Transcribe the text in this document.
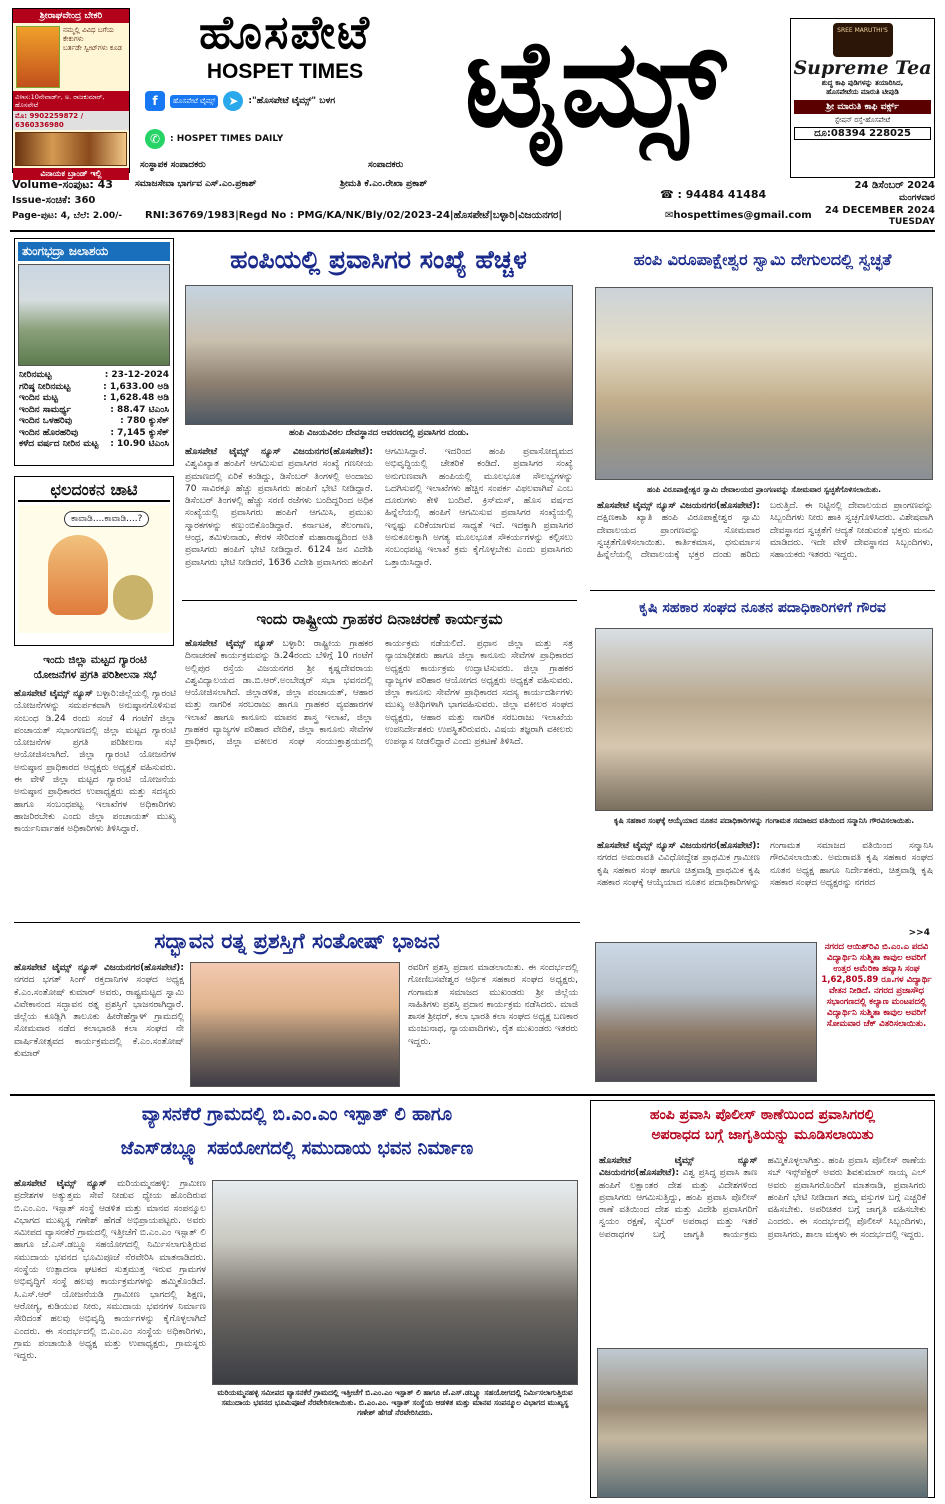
ಶ್ರೀರಾಘವೇಂದ್ರ ಬೇಕರಿ
ನಮ್ಮಲ್ಲಿ ವಿವಿಧ ಬಗೆಯ ಕೇಕುಗಳು
ಬರ್ತಡೇ ಸ್ವೀಟ್‌ಗಳು ಕೂಡ
ವಿಳಾಸ:10ನೇವಾರ್ಡ್, ಅ. ರಾಜಕುಮಾರ್, ಹೊಸಪೇಟೆ
ಮೊ: 9902259872 / 6360336980
ವಿನಾಯಕ ಬ್ರಾಂಡ್ ಇಲ್ಲಿ
ಹೊಸಪೇಟೆ
HOSPET TIMES ಟೈಮ್ಸ್
f	ಹೊಸಪೇಟೆ ಟೈಮ್ಸ್	➤	:"ಹೊಸಪೇಟೆ ಟೈಮ್ಸ್" ಬಳಗ
✆	: HOSPET TIMES DAILY
ಸಂಸ್ಥಾಪಕ ಸಂಪಾದಕರು
ಸಮಾಜಸೇವಾ ಭಾರ್ಗವ ಎಸ್.ಎಂ.ಪ್ರಕಾಶ್
ಸಂಪಾದಕರು
ಶ್ರೀಮತಿ ಕೆ.ಎಂ.ರೇಖಾ ಪ್ರಕಾಶ್
SREE MARUTHI'S
Supreme Tea
ಶುದ್ಧ ಕಾಫಿ ಪುಡಿಗಳನ್ನು ತಯಾರಿಸಿದ,
ಹೊಸಪೇಟೆಯ ಮಾರುತಿ ಟೀಪುಡಿ
ಶ್ರೀ ಮಾರುತಿ ಕಾಫಿ ವರ್ಕ್ಸ್
ಸ್ಟೇಷನ್ ರಸ್ತೆ-ಹೊಸಪೇಟೆ
ದೂ:08394 228025
24 ಡಿಸೆಂಬರ್ 2024
ಮಂಗಳವಾರ
24 DECEMBER 2024
TUESDAY
☎ : 94484 41484
Volume-ಸಂಪುಟ: 43
Issue-ಸಂಚಿಕೆ: 360
Page-ಪುಟ: 4, ಬೆಲೆ: 2.00/-	RNI:36769/1983|Regd No : PMG/KA/NK/Bly/02/2023-24|ಹೊಸಪೇಟೆ|ಬಳ್ಳಾರಿ|ವಿಜಯನಗರ|	✉hospettimes@gmail.com
ತುಂಗಭದ್ರಾ ಜಲಾಶಯ
ನೀರಿನಮಟ್ಟ	: 23-12-2024
ಗರಿಷ್ಠ ನೀರಿನಮಟ್ಟ	: 1,633.00 ಅಡಿ
ಇಂದಿನ ಮಟ್ಟ	: 1,628.48 ಅಡಿ
ಇಂದಿನ ಸಾಮರ್ಥ್ಯ	: 88.47 ಟಿಎಂಸಿ
ಇಂದಿನ ಒಳಹರಿವು	: 780 ಕ್ಯುಸೆಕ್
ಇಂದಿನ ಹೊರಹರಿವು	: 7,145 ಕ್ಯುಸೆಕ್
ಕಳೆದ ವರ್ಷದ ನೀರಿನ ಮಟ್ಟ : 10.90 ಟಿಎಂಸಿ
ಛಲದಂಕನ ಚಾಟಿ
ಕಾವಾಡಿ....ಕಾವಾಡಿ....?
ಇಂದು ಜಿಲ್ಲಾ ಮಟ್ಟದ ಗ್ಯಾರಂಟಿ
ಯೋಜನೆಗಳ ಪ್ರಗತಿ ಪರಿಶೀಲನಾ ಸಭೆ
ಹೊಸಪೇಟೆ ಟೈಮ್ಸ್ ನ್ಯೂಸ್ ಬಳ್ಳಾರಿ:ಜಿಲ್ಲೆಯಲ್ಲಿ ಗ್ಯಾರಂಟಿ ಯೋಜನೆಗಳನ್ನು ಸಮರ್ಪಕವಾಗಿ ಅನುಷ್ಠಾನಗೊಳಿಸುವ ಸಂಬಂಧ ಡಿ.24 ರಂದು ಸಂಜೆ 4 ಗಂಟೆಗೆ ಜಿಲ್ಲಾ ಪಂಚಾಯತ್ ಸಭಾಂಗಣದಲ್ಲಿ ಜಿಲ್ಲಾ ಮಟ್ಟದ ಗ್ಯಾರಂಟಿ ಯೋಜನೆಗಳ ಪ್ರಗತಿ ಪರಿಶೀಲನಾ ಸಭೆ ಆಯೋಜಿಸಲಾಗಿದೆ. ಜಿಲ್ಲಾ ಗ್ಯಾರಂಟಿ ಯೋಜನೆಗಳ ಅನುಷ್ಠಾನ ಪ್ರಾಧಿಕಾರದ ಅಧ್ಯಕ್ಷರು ಅಧ್ಯಕ್ಷತೆ ವಹಿಸುವರು. ಈ ವೇಳೆ ಜಿಲ್ಲಾ ಮಟ್ಟದ ಗ್ಯಾರಂಟಿ ಯೋಜನೆಯ ಅನುಷ್ಠಾನ ಪ್ರಾಧಿಕಾರದ ಉಪಾಧ್ಯಕ್ಷರು ಮತ್ತು ಸದಸ್ಯರು ಹಾಗೂ ಸಂಬಂಧಪಟ್ಟ ಇಲಾಖೆಗಳ ಅಧಿಕಾರಿಗಳು ಹಾಜರಿರಬೇಕು ಎಂದು ಜಿಲ್ಲಾ ಪಂಚಾಯತ್ ಮುಖ್ಯ ಕಾರ್ಯನಿರ್ವಾಹಕ ಅಧಿಕಾರಿಗಳು ತಿಳಿಸಿದ್ದಾರೆ.
ಹಂಪಿಯಲ್ಲಿ ಪ್ರವಾಸಿಗರ ಸಂಖ್ಯೆ ಹೆಚ್ಚಳ
ಹಂಪಿ ವಿಜಯವಿಠಲ ದೇವಸ್ಥಾನದ ಆವರಣದಲ್ಲಿ ಪ್ರವಾಸಿಗರ ದಂಡು.
ಹೊಸಪೇಟೆ ಟೈಮ್ಸ್ ನ್ಯೂಸ್ ವಿಜಯನಗರ(ಹೊಸಪೇಟೆ): ವಿಶ್ವವಿಖ್ಯಾತ ಹಂಪಿಗೆ ಆಗಮಿಸುವ ಪ್ರವಾಸಿಗರ ಸಂಖ್ಯೆ ಗಣನೀಯ ಪ್ರಮಾಣದಲ್ಲಿ ಏರಿಕೆ ಕಂಡಿದ್ದು, ಡಿಸೆಂಬರ್ ತಿಂಗಳಲ್ಲಿ ಅಂದಾಜು 70 ಸಾವಿರಕ್ಕೂ ಹೆಚ್ಚು ಪ್ರವಾಸಿಗರು ಹಂಪಿಗೆ ಭೇಟಿ ನೀಡಿದ್ದಾರೆ. ಡಿಸೆಂಬರ್ ತಿಂಗಳಲ್ಲಿ ಹೆಚ್ಚು ಸರಣಿ ರಜೆಗಳು ಬಂದಿದ್ದರಿಂದ ಅಧಿಕ ಸಂಖ್ಯೆಯಲ್ಲಿ ಪ್ರವಾಸಿಗರು ಹಂಪಿಗೆ ಆಗಮಿಸಿ, ಪ್ರಮುಖ ಸ್ಮಾರಕಗಳನ್ನು ಕಣ್ತುಂಬಿಕೊಂಡಿದ್ದಾರೆ. ಕರ್ನಾಟಕ, ತೆಲಂಗಾಣ, ಆಂಧ್ರ, ತಮಿಳುನಾಡು, ಕೇರಳ ಸೇರಿದಂತೆ ಮಹಾರಾಷ್ಟ್ರದಿಂದ ಅತಿ ಪ್ರವಾಸಿಗರು ಹಂಪಿಗೆ ಭೇಟಿ ನೀಡಿದ್ದಾರೆ. 6124 ಜನ ವಿದೇಶಿ ಪ್ರವಾಸಿಗರು ಭೇಟಿ ನೀಡಿದರೆ, 1636 ವಿದೇಶಿ ಪ್ರವಾಸಿಗರು ಹಂಪಿಗೆ ಆಗಮಿಸಿದ್ದಾರೆ. ಇದರಿಂದ ಹಂಪಿ ಪ್ರವಾಸೋದ್ಯಮದ ಅಭಿವೃದ್ಧಿಯಲ್ಲಿ ಚೇತರಿಕೆ ಕಂಡಿದೆ. ಪ್ರವಾಸಿಗರ ಸಂಖ್ಯೆ ಅನುಗುಣವಾಗಿ ಹಂಪಿಯಲ್ಲಿ ಮೂಲಭೂತ ಸೌಲಭ್ಯಗಳನ್ನು ಒದಗಿಸುವಲ್ಲಿ ಇಲಾಖೆಗಳು ಹೆಚ್ಚಿನ ಸಂಪರ್ಕ ವಿಫಲವಾಗಿವೆ ಎಂಬ ದೂರುಗಳು ಕೇಳಿ ಬಂದಿವೆ. ಕ್ರಿಸ್‌ಮಸ್, ಹೊಸ ವರ್ಷದ ಹಿನ್ನೆಲೆಯಲ್ಲಿ ಹಂಪಿಗೆ ಆಗಮಿಸುವ ಪ್ರವಾಸಿಗರ ಸಂಖ್ಯೆಯಲ್ಲಿ ಇನ್ನಷ್ಟು ಏರಿಕೆಯಾಗುವ ಸಾಧ್ಯತೆ ಇದೆ. ಇದಕ್ಕಾಗಿ ಪ್ರವಾಸಿಗರ ಅನುಕೂಲಕ್ಕಾಗಿ ಅಗತ್ಯ ಮೂಲಭೂತ ಸೌಕರ್ಯಗಳನ್ನು ಕಲ್ಪಿಸಲು ಸಂಬಂಧಪಟ್ಟ ಇಲಾಖೆ ಕ್ರಮ ಕೈಗೊಳ್ಳಬೇಕು ಎಂದು ಪ್ರವಾಸಿಗರು ಒತ್ತಾಯಿಸಿದ್ದಾರೆ.
ಇಂದು ರಾಷ್ಟ್ರೀಯ ಗ್ರಾಹಕರ ದಿನಾಚರಣೆ ಕಾರ್ಯಕ್ರಮ
ಹೊಸಪೇಟೆ ಟೈಮ್ಸ್ ನ್ಯೂಸ್ ಬಳ್ಳಾರಿ: ರಾಷ್ಟ್ರೀಯ ಗ್ರಾಹಕರ ದಿನಾಚರಣೆ ಕಾರ್ಯಕ್ರಮವನ್ನು ಡಿ.24ರಂದು ಬೆಳಿಗ್ಗೆ 10 ಗಂಟೆಗೆ ಅಲ್ಲಿಪುರ ರಸ್ತೆಯ ವಿಜಯನಗರ ಶ್ರೀ ಕೃಷ್ಣದೇವರಾಯ ವಿಶ್ವವಿದ್ಯಾಲಯದ ಡಾ.ಬಿ.ಆರ್.ಅಂಬೇಡ್ಕರ್ ಸಭಾ ಭವನದಲ್ಲಿ ಆಯೋಜಿಸಲಾಗಿದೆ. ಜಿಲ್ಲಾಡಳಿತ, ಜಿಲ್ಲಾ ಪಂಚಾಯತ್, ಆಹಾರ ಮತ್ತು ನಾಗರಿಕ ಸರಬರಾಜು ಹಾಗೂ ಗ್ರಾಹಕರ ವ್ಯವಹಾರಗಳ ಇಲಾಖೆ ಹಾಗೂ ಕಾನೂನು ಮಾಪನ ಶಾಸ್ತ್ರ ಇಲಾಖೆ, ಜಿಲ್ಲಾ ಗ್ರಾಹಕರ ವ್ಯಾಜ್ಯಗಳ ಪರಿಹಾರ ವೇದಿಕೆ, ಜಿಲ್ಲಾ ಕಾನೂನು ಸೇವೆಗಳ ಪ್ರಾಧಿಕಾರ, ಜಿಲ್ಲಾ ವಕೀಲರ ಸಂಘ ಸಂಯುಕ್ತಾಶ್ರಯದಲ್ಲಿ ಕಾರ್ಯಕ್ರಮ ನಡೆಯಲಿದೆ. ಪ್ರಧಾನ ಜಿಲ್ಲಾ ಮತ್ತು ಸತ್ರ ನ್ಯಾಯಾಧೀಶರು ಹಾಗೂ ಜಿಲ್ಲಾ ಕಾನೂನು ಸೇವೆಗಳ ಪ್ರಾಧಿಕಾರದ ಅಧ್ಯಕ್ಷರು ಕಾರ್ಯಕ್ರಮ ಉದ್ಘಾಟಿಸುವರು. ಜಿಲ್ಲಾ ಗ್ರಾಹಕರ ವ್ಯಾಜ್ಯಗಳ ಪರಿಹಾರ ಆಯೋಗದ ಅಧ್ಯಕ್ಷರು ಅಧ್ಯಕ್ಷತೆ ವಹಿಸುವರು. ಜಿಲ್ಲಾ ಕಾನೂನು ಸೇವೆಗಳ ಪ್ರಾಧಿಕಾರದ ಸದಸ್ಯ ಕಾರ್ಯದರ್ಶಿಗಳು ಮುಖ್ಯ ಅತಿಥಿಗಳಾಗಿ ಭಾಗವಹಿಸುವರು. ಜಿಲ್ಲಾ ವಕೀಲರ ಸಂಘದ ಅಧ್ಯಕ್ಷರು, ಆಹಾರ ಮತ್ತು ನಾಗರಿಕ ಸರಬರಾಜು ಇಲಾಖೆಯ ಉಪನಿರ್ದೇಶಕರು ಉಪಸ್ಥಿತರಿರುವರು. ವಿಷಯ ತಜ್ಞರಾಗಿ ವಕೀಲರು ಉಪನ್ಯಾಸ ನೀಡಲಿದ್ದಾರೆ ಎಂದು ಪ್ರಕಟಣೆ ತಿಳಿಸಿದೆ.
ಹಂಪಿ ವಿರೂಪಾಕ್ಷೇಶ್ವರ ಸ್ವಾಮಿ ದೇಗುಲದಲ್ಲಿ ಸ್ವಚ್ಛತೆ
ಹಂಪಿ ವಿರೂಪಾಕ್ಷೇಶ್ವರ ಸ್ವಾಮಿ ದೇವಾಲಯದ ಪ್ರಾಂಗಣವನ್ನು ಸೋಮವಾರ ಸ್ವಚ್ಛತೆಗೊಳಿಸಲಾಯಿತು.
ಹೊಸಪೇಟೆ ಟೈಮ್ಸ್ ನ್ಯೂಸ್ ವಿಜಯನಗರ(ಹೊಸಪೇಟೆ): ದಕ್ಷಿಣಕಾಶಿ ಖ್ಯಾತಿ ಹಂಪಿ ವಿರೂಪಾಕ್ಷೇಶ್ವರ ಸ್ವಾಮಿ ದೇವಾಲಯದ ಪ್ರಾಂಗಣವನ್ನು ಸೋಮವಾರ ಸ್ವಚ್ಛತೆಗೊಳಿಸಲಾಯಿತು. ಕಾರ್ತಿಕಮಾಸ, ಧನುರ್ಮಾಸ ಹಿನ್ನೆಲೆಯಲ್ಲಿ ದೇವಾಲಯಕ್ಕೆ ಭಕ್ತರ ದಂಡು ಹರಿದು ಬರುತ್ತಿದೆ. ಈ ನಿಟ್ಟಿನಲ್ಲಿ ದೇವಾಲಯದ ಪ್ರಾಂಗಣವನ್ನು ಸಿಬ್ಬಂದಿಗಳು ನೀರು ಹಾಕಿ ಸ್ವಚ್ಛಗೊಳಿಸಿದರು. ವಿಶೇಷವಾಗಿ ದೇವಸ್ಥಾನದ ಸ್ವಚ್ಛತೆಗೆ ಆದ್ಯತೆ ನೀಡುವಂತೆ ಭಕ್ತರು ಮನವಿ ಮಾಡಿದರು. ಇದೇ ವೇಳೆ ದೇವಸ್ಥಾನದ ಸಿಬ್ಬಂದಿಗಳು, ಸಹಾಯಕರು ಇತರರು ಇದ್ದರು.
ಕೃಷಿ ಸಹಕಾರ ಸಂಘದ ನೂತನ ಪದಾಧಿಕಾರಿಗಳಿಗೆ ಗೌರವ
ಕೃಷಿ ಸಹಕಾರ ಸಂಘಕ್ಕೆ ಆಯ್ಕೆಯಾದ ನೂತನ ಪದಾಧಿಕಾರಿಗಳನ್ನು ಗಂಗಾಮತ ಸಮಾಜದ ವತಿಯಿಂದ ಸನ್ಮಾನಿಸಿ ಗೌರವಿಸಲಾಯಿತು.
ಹೊಸಪೇಟೆ ಟೈಮ್ಸ್ ನ್ಯೂಸ್ ವಿಜಯನಗರ(ಹೊಸಪೇಟೆ): ನಗರದ ಅಮರಾವತಿ ವಿವಿಧೋದ್ದೇಶ ಪ್ರಾಥಮಿಕ ಗ್ರಾಮೀಣ ಕೃಷಿ ಸಹಕಾರ ಸಂಘ ಹಾಗೂ ಚಿತ್ತವಾಡ್ಗಿ ಪ್ರಾಥಮಿಕ ಕೃಷಿ ಸಹಕಾರ ಸಂಘಕ್ಕೆ ಆಯ್ಕೆಯಾದ ನೂತನ ಪದಾಧಿಕಾರಿಗಳನ್ನು ಗಂಗಾಮತ ಸಮಾಜದ ವತಿಯಿಂದ ಸನ್ಮಾನಿಸಿ ಗೌರವಿಸಲಾಯಿತು. ಅಮರಾವತಿ ಕೃಷಿ ಸಹಕಾರ ಸಂಘದ ನೂತನ ಅಧ್ಯಕ್ಷ ಹಾಗೂ ನಿರ್ದೇಶಕರು, ಚಿತ್ತವಾಡ್ಗಿ ಕೃಷಿ ಸಹಕಾರ ಸಂಘದ ಅಧ್ಯಕ್ಷರನ್ನು ನಗರದ
>>4
ಸದ್ಭಾವನ ರತ್ನ ಪ್ರಶಸ್ತಿಗೆ ಸಂತೋಷ್ ಭಾಜನ
ಹೊಸಪೇಟೆ ಟೈಮ್ಸ್ ನ್ಯೂಸ್ ವಿಜಯನಗರ(ಹೊಸಪೇಟೆ): ನಗರದ ಭಗತ್ ಸಿಂಗ್ ರಕ್ತದಾನಿಗಳ ಸಂಘದ ಅಧ್ಯಕ್ಷ ಕೆ.ಎಂ.ಸಂತೋಷ್ ಕುಮಾರ್ ಅವರು, ರಾಷ್ಟ್ರಮಟ್ಟದ ಸ್ವಾಮಿ ವಿವೇಕಾನಂದ ಸದ್ಭಾವನ ರತ್ನ ಪ್ರಶಸ್ತಿಗೆ ಭಾಜನರಾಗಿದ್ದಾರೆ. ಜಿಲ್ಲೆಯ ಕೂಡ್ಲಿಗಿ ತಾಲೂಕು ಹೀರೇಹೆಗ್ಡಾಳ್ ಗ್ರಾಮದಲ್ಲಿ ಸೋಮವಾರ ನಡೆದ ಕಲಾಭಾರತಿ ಕಲಾ ಸಂಘದ ನೇ ವಾರ್ಷಿಕೋತ್ಸವದ ಕಾರ್ಯಕ್ರಮದಲ್ಲಿ ಕೆ.ಎಂ.ಸಂತೋಷ್ ಕುಮಾರ್
ರವರಿಗೆ ಪ್ರಶಸ್ತಿ ಪ್ರದಾನ ಮಾಡಲಾಯಿತು. ಈ ಸಂದರ್ಭದಲ್ಲಿ ಗೋಣಿಬಸವೇಶ್ವರ ಆರ್ಥಿಕ ಸಹಕಾರ ಸಂಘದ ಅಧ್ಯಕ್ಷರು, ಗಂಗಾಮತ ಸಮಾಜದ ಮುಖಂಡರು ಶ್ರೀ ಜಿಲ್ಲೆಯ ಸಾಹಿತಿಗಳು ಪ್ರಶಸ್ತಿ ಪ್ರದಾನ ಕಾರ್ಯಕ್ರಮ ನಡೆಸಿದರು. ಮಾಜಿ ಶಾಸಕ ಶ್ರೀಧರ್, ಕಲಾ ಭಾರತಿ ಕಲಾ ಸಂಘದ ಅಧ್ಯಕ್ಷ ಬಣಕಾರ ಮಂಜುನಾಥ, ನ್ಯಾಯವಾದಿಗಳು, ರೈತ ಮುಖಂಡರು ಇತರರು ಇದ್ದರು.
ನಗರದ ಆಯಿಶ್‌ರಿವಿ ಬಿ.ಎಂ.ಎ ಪದವಿ ವಿದ್ಯಾರ್ಥಿನಿ ಸುಶ್ಮಿತಾ ಕಾವುಲ ಅವರಿಗೆ ಉತ್ತರ ಅಮೆರಿಕಾ ಹವ್ಯಾಸಿ ಸಂಘ 1,62,805.89 ರೂ.ಗಳ ವಿದ್ಯಾರ್ಥಿ ವೇತನ ನೀಡಿದೆ. ನಗರದ ಪ್ರಜಾಸೌಧ ಸಭಾಂಗಣದಲ್ಲಿ ಕಲ್ಯಾಣ ಮಂಟಪದಲ್ಲಿ ವಿದ್ಯಾರ್ಥಿನಿ ಸುಶ್ಮಿತಾ ಕಾವುಲ ಅವರಿಗೆ ಸೋಮವಾರ ಚೆಕ್ ವಿತರಿಸಲಾಯಿತು.
ವ್ಯಾಸನಕೆರೆ ಗ್ರಾಮದಲ್ಲಿ ಬಿ.ಎಂ.ಎಂ ಇಸ್ಪಾತ್ ಲಿ ಹಾಗೂ
ಜೆಎಸ್‌ಡಬ್ಲ್ಯೂ ಸಹಯೋಗದಲ್ಲಿ ಸಮುದಾಯ ಭವನ ನಿರ್ಮಾಣ
ಹೊಸಪೇಟೆ ಟೈಮ್ಸ್ ನ್ಯೂಸ್ ಮರಿಯಮ್ಮನಹಳ್ಳಿ: ಗ್ರಾಮೀಣ ಪ್ರದೇಶಗಳ ಅತ್ಯುತ್ತಮ ಸೇವೆ ನೀಡುವ ಧ್ಯೇಯ ಹೊಂದಿರುವ ಬಿ.ಎಂ.ಎಂ. ಇಸ್ಪಾತ್ ಸಂಸ್ಥೆ ಆಡಳಿತ ಮತ್ತು ಮಾನವ ಸಂಪನ್ಮೂಲ ವಿಭಾಗದ ಮುಖ್ಯಸ್ಥ ಗಣೇಶ್ ಹೆಗಡೆ ಅಭಿಪ್ರಾಯಪಟ್ಟರು. ಅವರು ಸಮೀಪದ ವ್ಯಾಸನಕೆರೆ ಗ್ರಾಮದಲ್ಲಿ ಇತ್ತೀಚೆಗೆ ಬಿ.ಎಂ.ಎಂ ಇಸ್ಪಾತ್ ಲಿ ಹಾಗೂ ಜೆ.ಎಸ್.ಡಬ್ಲ್ಯೂ ಸಹಯೋಗದಲ್ಲಿ ನಿರ್ಮಿಸಲಾಗುತ್ತಿರುವ ಸಮುದಾಯ ಭವನದ ಭೂಮಿಪೂಜೆ ನೆರವೇರಿಸಿ ಮಾತನಾಡಿದರು. ಸಂಸ್ಥೆಯ ಉತ್ಪಾದನಾ ಘಟಕದ ಸುತ್ತಮುತ್ತ ಇರುವ ಗ್ರಾಮಗಳ ಅಭಿವೃದ್ಧಿಗೆ ಸಂಸ್ಥೆ ಹಲವು ಕಾರ್ಯಕ್ರಮಗಳನ್ನು ಹಮ್ಮಿಕೊಂಡಿದೆ. ಸಿ.ಎಸ್.ಆರ್ ಯೋಜನೆಯಡಿ ಗ್ರಾಮೀಣ ಭಾಗದಲ್ಲಿ ಶಿಕ್ಷಣ, ಆರೋಗ್ಯ, ಕುಡಿಯುವ ನೀರು, ಸಮುದಾಯ ಭವನಗಳ ನಿರ್ಮಾಣ ಸೇರಿದಂತೆ ಹಲವು ಅಭಿವೃದ್ಧಿ ಕಾರ್ಯಗಳನ್ನು ಕೈಗೊಳ್ಳಲಾಗಿದೆ ಎಂದರು. ಈ ಸಂದರ್ಭದಲ್ಲಿ ಬಿ.ಎಂ.ಎಂ ಸಂಸ್ಥೆಯ ಅಧಿಕಾರಿಗಳು, ಗ್ರಾಮ ಪಂಚಾಯಿತಿ ಅಧ್ಯಕ್ಷ ಮತ್ತು ಉಪಾಧ್ಯಕ್ಷರು, ಗ್ರಾಮಸ್ಥರು ಇದ್ದರು.
ಮರಿಯಮ್ಮನಹಳ್ಳಿ ಸಮೀಪದ ವ್ಯಾಸನಕೆರೆ ಗ್ರಾಮದಲ್ಲಿ ಇತ್ತೀಚೆಗೆ ಬಿ.ಎಂ.ಎಂ ಇಸ್ಪಾತ್ ಲಿ ಹಾಗೂ ಜೆ.ಎಸ್.ಡಬ್ಲ್ಯೂ ಸಹಯೋಗದಲ್ಲಿ ನಿರ್ಮಿಸಲಾಗುತ್ತಿರುವ ಸಮುದಾಯ ಭವನದ ಭೂಮಿಪೂಜೆ ನೆರವೇರಿಸಲಾಯಿತು. ಬಿ.ಎಂ.ಎಂ. ಇಸ್ಪಾತ್ ಸಂಸ್ಥೆಯ ಆಡಳಿತ ಮತ್ತು ಮಾನವ ಸಂಪನ್ಮೂಲ ವಿಭಾಗದ ಮುಖ್ಯಸ್ಥ ಗಣೇಶ್ ಹೆಗಡೆ ನೆರವೇರಿಸಿದರು.
ಹಂಪಿ ಪ್ರವಾಸಿ ಪೊಲೀಸ್ ಠಾಣೆಯಿಂದ ಪ್ರವಾಸಿಗರಲ್ಲಿ
ಅಪರಾಧದ ಬಗ್ಗೆ ಜಾಗೃತಿಯನ್ನು ಮೂಡಿಸಲಾಯಿತು
ಹೊಸಪೇಟೆ ಟೈಮ್ಸ್ ನ್ಯೂಸ್ ವಿಜಯನಗರ(ಹೊಸಪೇಟೆ): ವಿಶ್ವ ಪ್ರಸಿದ್ಧ ಪ್ರವಾಸಿ ತಾಣ ಹಂಪಿಗೆ ಲಕ್ಷಾಂತರ ದೇಶ ಮತ್ತು ವಿದೇಶಗಳಿಂದ ಪ್ರವಾಸಿಗರು ಆಗಮಿಸುತ್ತಿದ್ದು, ಹಂಪಿ ಪ್ರವಾಸಿ ಪೊಲೀಸ್ ಠಾಣೆ ವತಿಯಿಂದ ದೇಶ ಮತ್ತು ವಿದೇಶಿ ಪ್ರವಾಸಿಗರಿಗೆ ಸ್ವಯಂ ರಕ್ಷಣೆ, ಸೈಬರ್ ಅಪರಾಧ ಮತ್ತು ಇತರೆ ಅಪರಾಧಗಳ ಬಗ್ಗೆ ಜಾಗೃತಿ ಕಾರ್ಯಕ್ರಮ ಹಮ್ಮಿಕೊಳ್ಳಲಾಗಿತ್ತು. ಹಂಪಿ ಪ್ರವಾಸಿ ಪೊಲೀಸ್ ಠಾಣೆಯ ಸಬ್ ಇನ್ಸ್‌ಪೆಕ್ಟರ್ ಅವರು ಶಿವಕುಮಾರ್ ನಾಯ್ಕ ಎಲ್ ಅವರು ಪ್ರವಾಸಿಗರೊಂದಿಗೆ ಮಾತನಾಡಿ, ಪ್ರವಾಸಿಗರು ಹಂಪಿಗೆ ಭೇಟಿ ನೀಡಿದಾಗ ತಮ್ಮ ವಸ್ತುಗಳ ಬಗ್ಗೆ ಎಚ್ಚರಿಕೆ ವಹಿಸಬೇಕು. ಅಪರಿಚಿತರ ಬಗ್ಗೆ ಜಾಗೃತಿ ವಹಿಸಬೇಕು ಎಂದರು. ಈ ಸಂದರ್ಭದಲ್ಲಿ ಪೊಲೀಸ್ ಸಿಬ್ಬಂದಿಗಳು, ಪ್ರವಾಸಿಗರು, ಶಾಲಾ ಮಕ್ಕಳು ಈ ಸಂದರ್ಭದಲ್ಲಿ ಇದ್ದರು.
